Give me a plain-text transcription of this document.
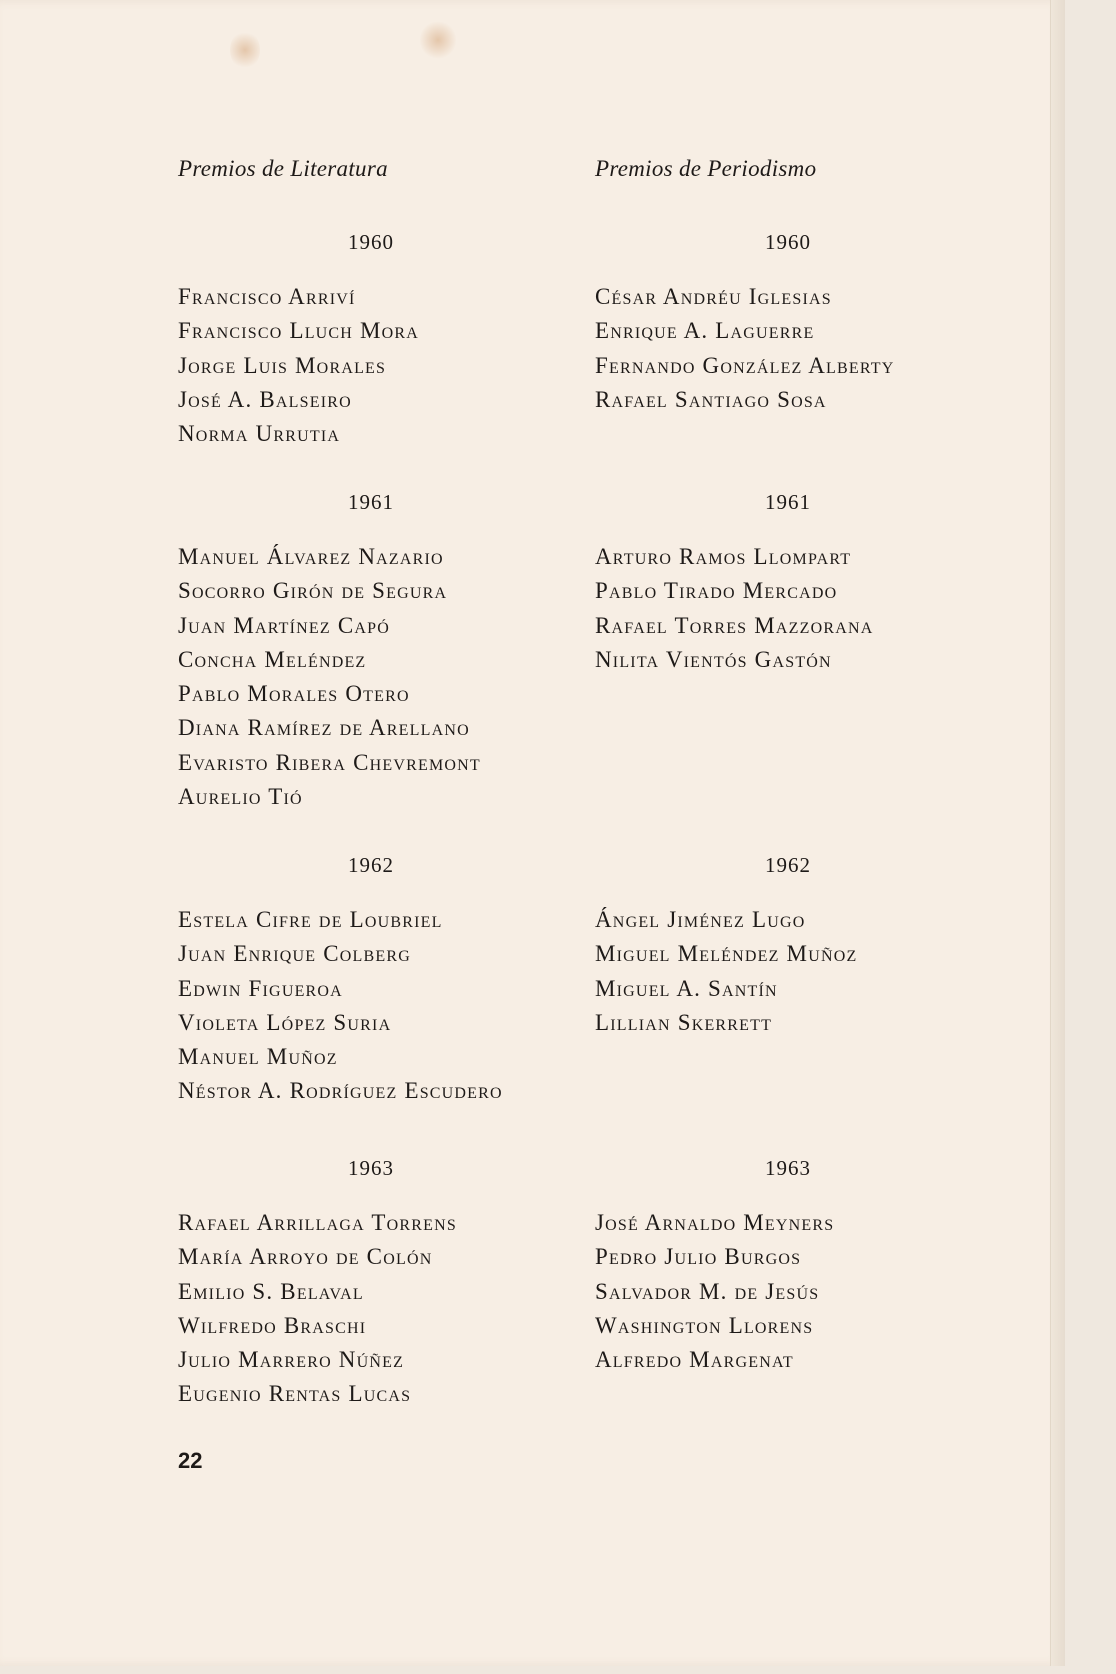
Premios de Literatura	Premios de Periodismo
1960
Francisco Arriví
Francisco Lluch Mora
Jorge Luis Morales
José A. Balseiro
Norma Urrutia
1961
Manuel Álvarez Nazario
Socorro Girón de Segura
Juan Martínez Capó
Concha Meléndez
Pablo Morales Otero
Diana Ramírez de Arellano
Evaristo Ribera Chevremont
Aurelio Tió
1962
Estela Cifre de Loubriel
Juan Enrique Colberg
Edwin Figueroa
Violeta López Suria
Manuel Muñoz
Néstor A. Rodríguez Escudero
1963
Rafael Arrillaga Torrens
María Arroyo de Colón
Emilio S. Belaval
Wilfredo Braschi
Julio Marrero Núñez
Eugenio Rentas Lucas
1960
César Andréu Iglesias
Enrique A. Laguerre
Fernando González Alberty
Rafael Santiago Sosa
1961
Arturo Ramos Llompart
Pablo Tirado Mercado
Rafael Torres Mazzorana
Nilita Vientós Gastón
1962
Ángel Jiménez Lugo
Miguel Meléndez Muñoz
Miguel A. Santín
Lillian Skerrett
1963
José Arnaldo Meyners
Pedro Julio Burgos
Salvador M. de Jesús
Washington Llorens
Alfredo Margenat
22
